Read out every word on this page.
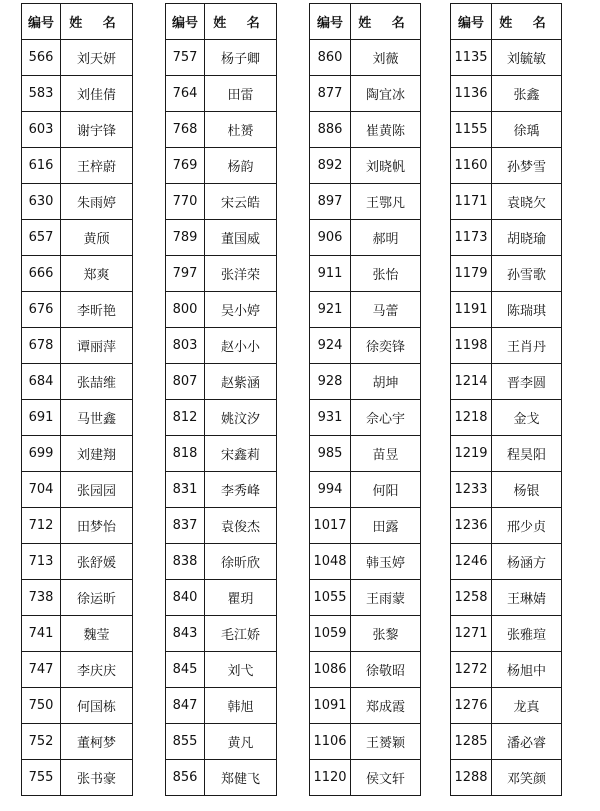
编号	姓 名
566	刘天妍
583	刘佳倩
603	谢宇锋
616	王梓蔚
630	朱雨婷
657	黄颀
666	郑爽
676	李昕艳
678	谭丽萍
684	张喆维
691	马世鑫
699	刘建翔
704	张园园
712	田梦怡
713	张舒媛
738	徐运昕
741	魏莹
747	李庆庆
750	何国栋
752	董柯梦
755	张书豪
编号	姓 名
757	杨子卿
764	田雷
768	杜赟
769	杨韵
770	宋云皓
789	董国威
797	张洋荣
800	吴小婷
803	赵小小
807	赵紫涵
812	姚汶汐
818	宋鑫莉
831	李秀峰
837	袁俊杰
838	徐昕欣
840	瞿玥
843	毛江娇
845	刘弋
847	韩旭
855	黄凡
856	郑健飞
编号	姓 名
860	刘薇
877	陶宜冰
886	崔黄陈
892	刘晓帆
897	王鄂凡
906	郝明
911	张怡
921	马蕾
924	徐奕锋
928	胡坤
931	佘心宇
985	苗昱
994	何阳
1017	田露
1048	韩玉婷
1055	王雨蒙
1059	张黎
1086	徐敬昭
1091	郑成霞
1106	王赟颖
1120	侯文轩
编号	姓 名
1135	刘毓敏
1136	张鑫
1155	徐瑀
1160	孙梦雪
1171	袁晓欠
1173	胡晓瑜
1179	孙雪歌
1191	陈瑞琪
1198	王肖丹
1214	晋李圆
1218	金戈
1219	程昊阳
1233	杨银
1236	邢少贞
1246	杨涵方
1258	王琳婧
1271	张雅瑄
1272	杨旭中
1276	龙真
1285	潘必睿
1288	邓笑颜
